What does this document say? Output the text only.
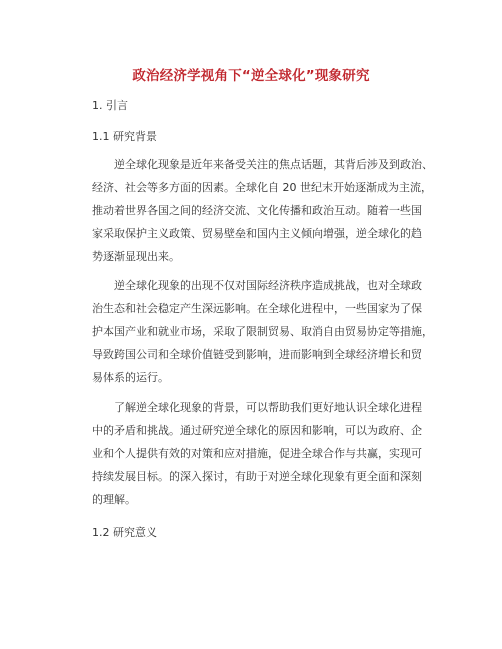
政治经济学视角下“逆全球化”现象研究
1. 引言
1.1 研究背景
逆全球化现象是近年来备受关注的焦点话题，其背后涉及到政治、
经济、社会等多方面的因素。全球化自 20 世纪末开始逐渐成为主流，
推动着世界各国之间的经济交流、文化传播和政治互动。随着一些国
家采取保护主义政策、贸易壁垒和国内主义倾向增强，逆全球化的趋
势逐渐显现出来。
逆全球化现象的出现不仅对国际经济秩序造成挑战，也对全球政
治生态和社会稳定产生深远影响。在全球化进程中，一些国家为了保
护本国产业和就业市场，采取了限制贸易、取消自由贸易协定等措施，
导致跨国公司和全球价值链受到影响，进而影响到全球经济增长和贸
易体系的运行。
了解逆全球化现象的背景，可以帮助我们更好地认识全球化进程
中的矛盾和挑战。通过研究逆全球化的原因和影响，可以为政府、企
业和个人提供有效的对策和应对措施，促进全球合作与共赢，实现可
持续发展目标。的深入探讨，有助于对逆全球化现象有更全面和深刻
的理解。
1.2 研究意义
